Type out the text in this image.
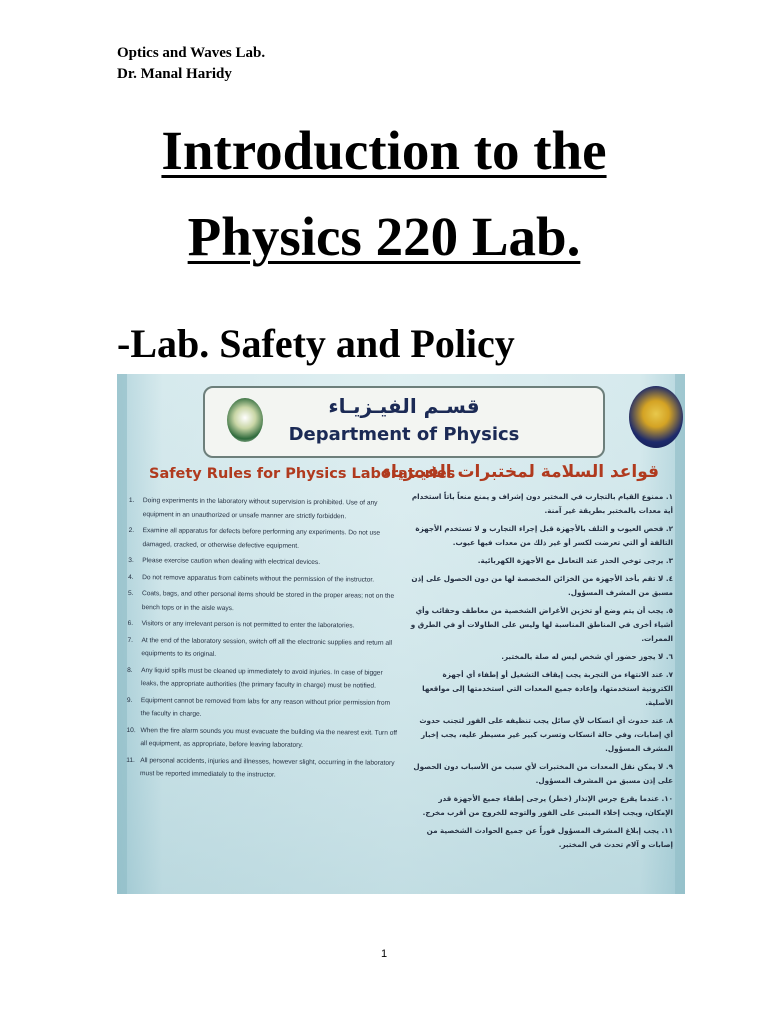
Optics and Waves Lab.
Dr. Manal Haridy
Introduction to the
Physics 220 Lab.
-Lab. Safety and Policy
قسـم الفيـزيـاء
Department of Physics
Safety Rules for Physics Laboratories
قواعد السلامة لمختبرات الفيـزياء
1. Doing experiments in the laboratory without supervision is prohibited. Use of any equipment in an unauthorized or unsafe manner are strictly forbidden.
2. Examine all apparatus for defects before performing any experiments. Do not use damaged, cracked, or otherwise defective equipment.
3. Please exercise caution when dealing with electrical devices.
4. Do not remove apparatus from cabinets without the permission of the instructor.
5. Coats, bags, and other personal items should be stored in the proper areas; not on the bench tops or in the aisle ways.
6. Visitors or any irrelevant person is not permitted to enter the laboratories.
7. At the end of the laboratory session, switch off all the electronic supplies and return all equipments to its original.
8. Any liquid spills must be cleaned up immediately to avoid injuries. In case of bigger leaks, the appropriate authorities (the primary faculty in charge) must be notified.
9. Equipment cannot be removed from labs for any reason without prior permission from the faculty in charge.
10. When the fire alarm sounds you must evacuate the building via the nearest exit. Turn off all equipment, as appropriate, before leaving laboratory.
11. All personal accidents, injuries and illnesses, however slight, occurring in the laboratory must be reported immediately to the instructor.
١. ممنوع القيام بالتجارب في المختبر دون إشراف و يمنع منعاً باتاً استخدام أية معدات بالمختبر بطريقة غير آمنة.
٢. فحص العيوب و التلف بالأجهزة قبل إجراء التجارب و لا تستخدم الأجهزة التالفة أو التي تعرضت لكسر أو غير ذلك من معدات فيها عيوب.
٣. يرجى توخي الحذر عند التعامل مع الأجهزة الكهربائية.
٤. لا تقم بأخذ الأجهزة من الخزائن المخصصة لها من دون الحصول على إذن مسبق من المشرف المسؤول.
٥. يجب أن يتم وضع أو تخزين الأغراض الشخصية من معاطف وحقائب وأي أشياء أخرى في المناطق المناسبة لها وليس على الطاولات أو في الطرق و الممرات.
٦. لا يجوز حضور أي شخص ليس له صلة بالمختبر.
٧. عند الانتهاء من التجربة يجب إيقاف التشغيل أو إطفاء أي أجهزة الكترونية استخدمتها، وإعادة جميع المعدات التي استخدمتها إلى مواقعها الأصلية.
٨. عند حدوث أي انسكاب لأي سائل يجب تنظيفه على الفور لتجنب حدوث أي إصابات، وفي حالة انسكاب وتسرب كبير غير مسيطر عليه، يجب إخبار المشرف المسؤول.
٩. لا يمكن نقل المعدات من المختبرات لأي سبب من الأسباب دون الحصول على إذن مسبق من المشرف المسؤول.
١٠. عندما يقرع جرس الإنذار (خطر) يرجى إطفاء جميع الأجهزة قدر الإمكان، ويجب إخلاء المبنى على الفور والتوجه للخروج من أقرب مخرج.
١١. يجب إبلاغ المشرف المسؤول فوراً عن جميع الحوادث الشخصية من إصابات و آلام تحدث في المختبر.
1
